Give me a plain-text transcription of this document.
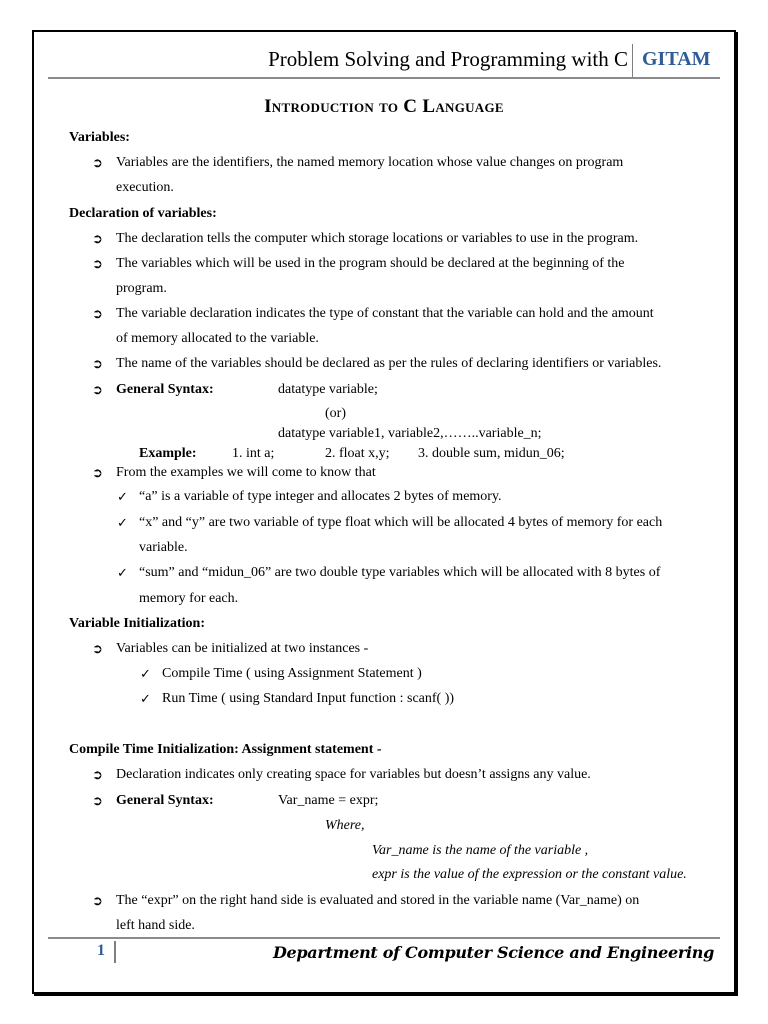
Problem Solving and Programming with C GITAM
Introduction to C Language
Variables:
➲ Variables are the identifiers, the named memory location whose value changes on program
execution.
Declaration of variables:
➲ The declaration tells the computer which storage locations or variables to use in the program.
➲ The variables which will be used in the program should be declared at the beginning of the
program.
➲ The variable declaration indicates the type of constant that the variable can hold and the amount
of memory allocated to the variable.
➲ The name of the variables should be declared as per the rules of declaring identifiers or variables.
➲ General Syntax:	datatype variable;
(or)
datatype variable1, variable2,……..variable_n;
Example:	1. int a;	2. float x,y; 3. double sum, midun_06;
➲ From the examples we will come to know that
✓ “a” is a variable of type integer and allocates 2 bytes of memory.
✓ “x” and “y” are two variable of type float which will be allocated 4 bytes of memory for each
variable.
✓ “sum” and “midun_06” are two double type variables which will be allocated with 8 bytes of
memory for each.
Variable Initialization:
➲ Variables can be initialized at two instances -
✓ Compile Time ( using Assignment Statement )
✓ Run Time ( using Standard Input function : scanf( ))
Compile Time Initialization: Assignment statement -
➲ Declaration indicates only creating space for variables but doesn’t assigns any value.
➲ General Syntax:	Var_name = expr;
Where,
Var_name is the name of the variable ,
expr is the value of the expression or the constant value.
➲ The “expr” on the right hand side is evaluated and stored in the variable name (Var_name) on
left hand side.
1	Department of Computer Science and Engineering
